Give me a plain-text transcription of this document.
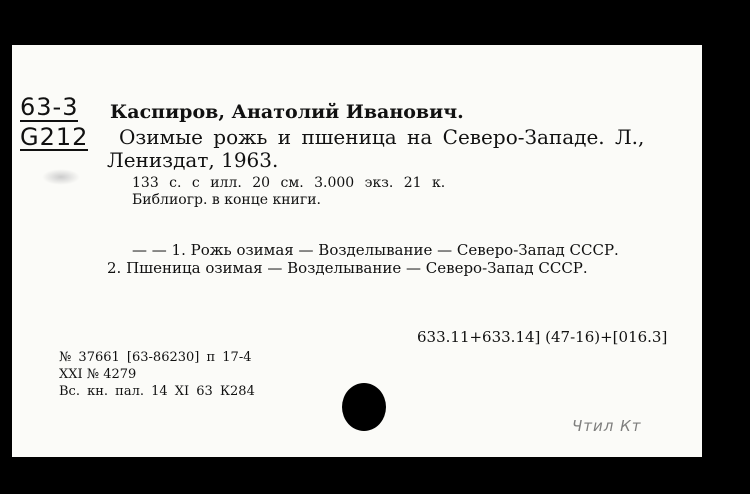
63-3
G212
Каспиров, Анатолий Иванович.
Озимые рожь и пшеница на Северо-Западе. Л.,
Лениздат, 1963.
133 с. с илл. 20 см. 3.000 экз. 21 к.
Библиогр. в конце книги.
— — 1. Рожь озимая — Возделывание — Северо-Запад СССР.
2. Пшеница озимая — Возделывание — Северо-Запад СССР.
633.11+633.14] (47-16)+[016.3]
№ 37661 [63-86230] п 17-4
XXI № 4279
Вс. кн. пал. 14 XI 63 К284
Чтил Кт
